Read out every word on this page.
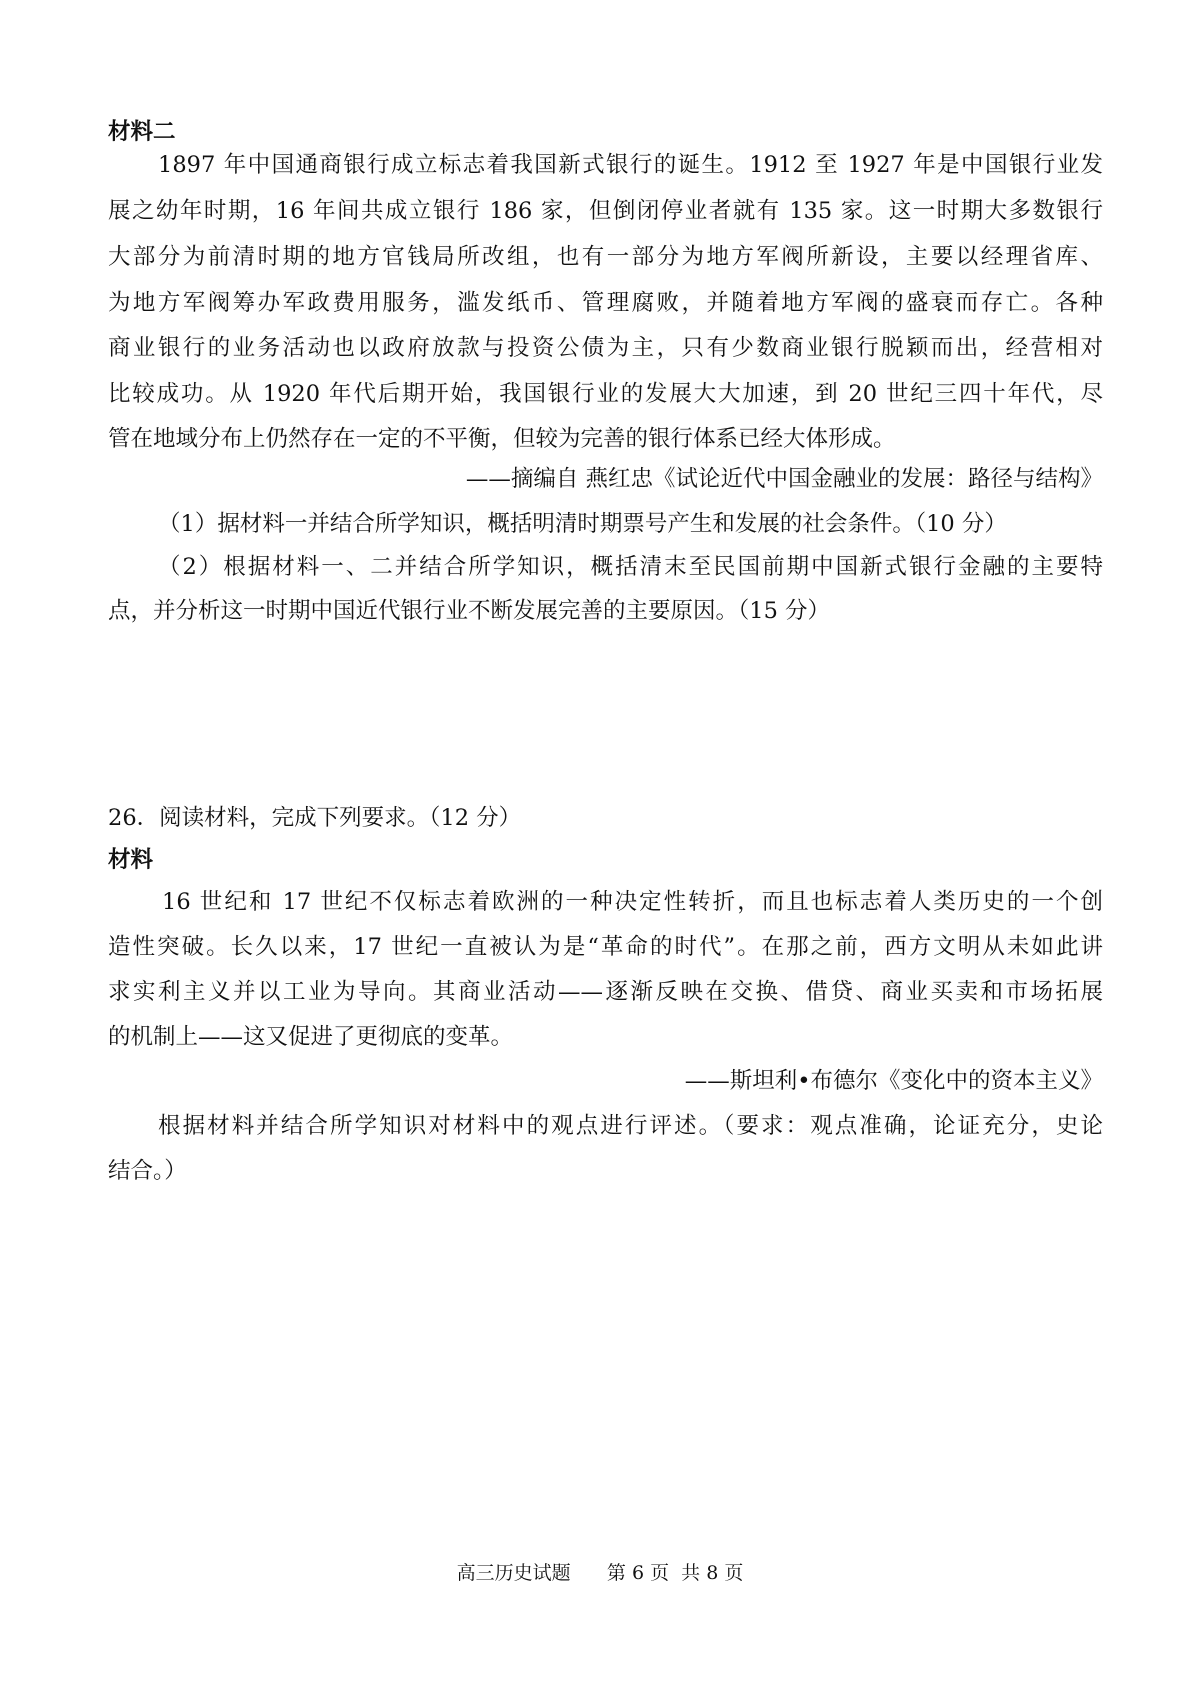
材料二
1897 年中国通商银行成立标志着我国新式银行的诞生。1912 至 1927 年是中国银行业发
展之幼年时期，16 年间共成立银行 186 家，但倒闭停业者就有 135 家。这一时期大多数银行
大部分为前清时期的地方官钱局所改组，也有一部分为地方军阀所新设，主要以经理省库、
为地方军阀筹办军政费用服务，滥发纸币、管理腐败，并随着地方军阀的盛衰而存亡。各种
商业银行的业务活动也以政府放款与投资公债为主，只有少数商业银行脱颖而出，经营相对
比较成功。从 1920 年代后期开始，我国银行业的发展大大加速，到 20 世纪三四十年代，尽
管在地域分布上仍然存在一定的不平衡，但较为完善的银行体系已经大体形成。
——摘编自 燕红忠《试论近代中国金融业的发展：路径与结构》
（1）据材料一并结合所学知识，概括明清时期票号产生和发展的社会条件。（10 分）
（2）根据材料一、二并结合所学知识，概括清末至民国前期中国新式银行金融的主要特
点，并分析这一时期中国近代银行业不断发展完善的主要原因。（15 分）
26．阅读材料，完成下列要求。（12 分）
材料
16 世纪和 17 世纪不仅标志着欧洲的一种决定性转折，而且也标志着人类历史的一个创
造性突破。长久以来，17 世纪一直被认为是“革命的时代”。在那之前，西方文明从未如此讲
求实利主义并以工业为导向。其商业活动——逐渐反映在交换、借贷、商业买卖和市场拓展
的机制上——这又促进了更彻底的变革。
——斯坦利•布德尔《变化中的资本主义》
根据材料并结合所学知识对材料中的观点进行评述。（要求：观点准确，论证充分，史论
结合。）
高三历史试题      第 6 页  共 8 页
